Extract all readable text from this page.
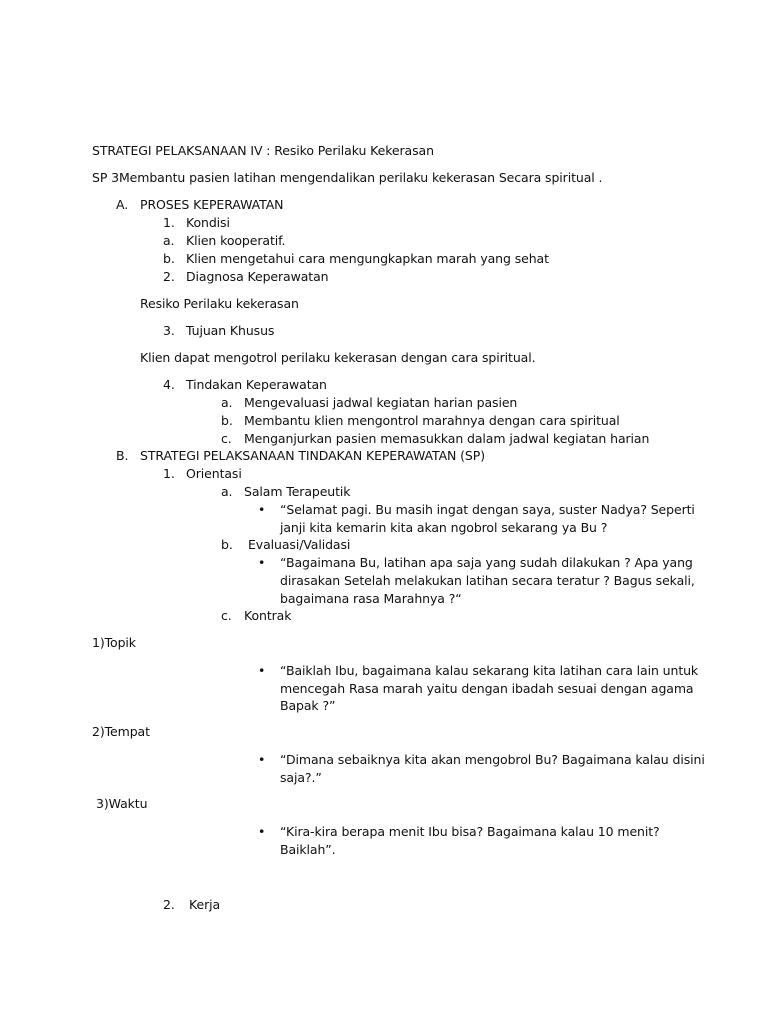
STRATEGI PELAKSANAAN IV : Resiko Perilaku Kekerasan
SP 3Membantu pasien latihan mengendalikan perilaku kekerasan Secara spiritual .
A. PROSES KEPERAWATAN
1. Kondisi
a. Klien kooperatif.
b. Klien mengetahui cara mengungkapkan marah yang sehat
2. Diagnosa Keperawatan
Resiko Perilaku kekerasan
3. Tujuan Khusus
Klien dapat mengotrol perilaku kekerasan dengan cara spiritual.
4. Tindakan Keperawatan
a. Mengevaluasi jadwal kegiatan harian pasien
b. Membantu klien mengontrol marahnya dengan cara spiritual
c. Menganjurkan pasien memasukkan dalam jadwal kegiatan harian
B. STRATEGI PELAKSANAAN TINDAKAN KEPERAWATAN (SP)
1. Orientasi
a. Salam Terapeutik
• “Selamat pagi. Bu masih ingat dengan saya, suster Nadya? Seperti
janji kita kemarin kita akan ngobrol sekarang ya Bu ?
b. Evaluasi/Validasi
• “Bagaimana Bu, latihan apa saja yang sudah dilakukan ? Apa yang
dirasakan Setelah melakukan latihan secara teratur ? Bagus sekali,
bagaimana rasa Marahnya ?“
c. Kontrak
1)Topik
• “Baiklah Ibu, bagaimana kalau sekarang kita latihan cara lain untuk
mencegah Rasa marah yaitu dengan ibadah sesuai dengan agama
Bapak ?”
2)Tempat
• “Dimana sebaiknya kita akan mengobrol Bu? Bagaimana kalau disini
saja?.”
3)Waktu
• “Kira-kira berapa menit Ibu bisa? Bagaimana kalau 10 menit?
Baiklah”.
2. Kerja
